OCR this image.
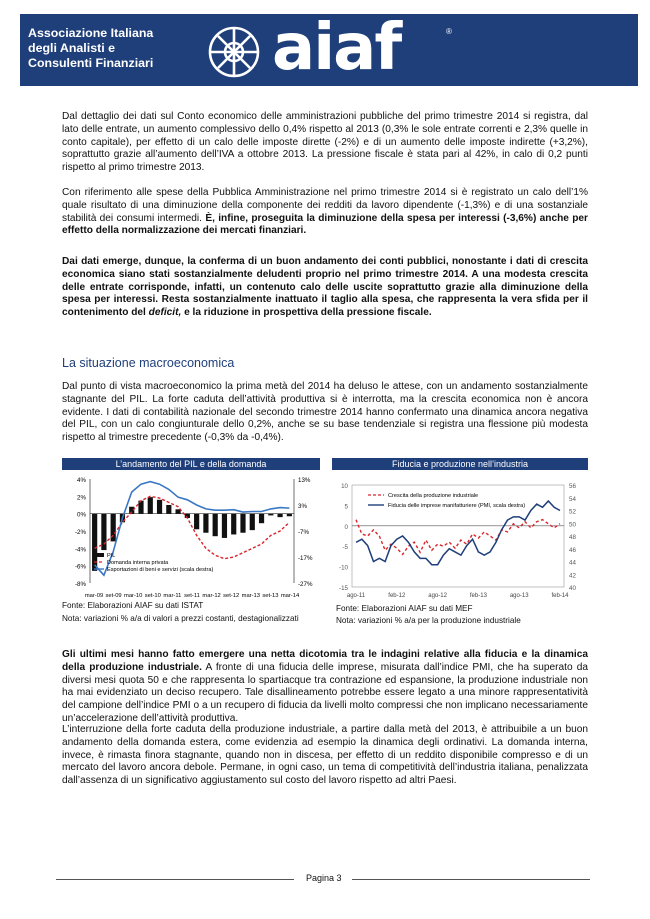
Associazione Italiana
degli Analisti e
Consulenti Finanziari aiaf	®

Dal dettaglio dei dati sul Conto economico delle amministrazioni pubbliche del primo trimestre 2014 si registra, dal lato delle entrate, un aumento complessivo dello 0,4% rispetto al 2013 (0,3% le sole entrate correnti e 2,3% quelle in conto capitale), per effetto di un calo delle imposte dirette (-2%) e di un aumento delle imposte indirette (+3,2%), soprattutto grazie all’aumento dell’IVA a ottobre 2013. La pressione fiscale è stata pari al 42%, in calo di 0,2 punti rispetto al primo trimestre 2013.

Con riferimento alle spese della Pubblica Amministrazione nel primo trimestre 2014 si è registrato un calo dell’1% quale risultato di una diminuzione della componente dei redditi da lavoro dipendente (-1,3%) e di una sostanziale stabilità dei consumi intermedi. È, infine, proseguita la diminuzione della spesa per interessi (-3,6%) anche per effetto della normalizzazione dei mercati finanziari.

Dai dati emerge, dunque, la conferma di un buon andamento dei conti pubblici, nonostante i dati di crescita economica siano stati sostanzialmente deludenti proprio nel primo trimestre 2014. A una modesta crescita delle entrate corrisponde, infatti, un contenuto calo delle uscite soprattutto grazie alla diminuzione della spesa per interessi. Resta sostanzialmente inattuato il taglio alla spesa, che rappresenta la vera sfida per il contenimento del deficit, e la riduzione in prospettiva della pressione fiscale.

La situazione macroeconomica

Dal punto di vista macroeconomico la prima metà del 2014 ha deluso le attese, con un andamento sostanzialmente stagnante del PIL. La forte caduta dell’attività produttiva si è interrotta, ma la crescita economica non è ancora evidente. I dati di contabilità nazionale del secondo trimestre 2014 hanno confermato una dinamica ancora negativa del PIL, con un calo congiunturale dello 0,2%, anche se su base tendenziale si registra una flessione più modesta rispetto al trimestre precedente (-0,3% da -0,4%).

L’andamento del PIL e della domanda
4%
2%
0%
-2%
-4%
-6%
-8%
13%
3%
-7%
-17%
-27%
mar-09 set-09 mar-10 set-10 mar-11 set-11 mar-12 set-12 mar-13 set-13 mar-14
PIL
Domanda interna privata
Esportazioni di beni e servizi (scala destra)
Fonte: Elaborazioni AIAF su dati ISTAT
Nota: variazioni % a/a di valori a prezzi costanti, destagionalizzati
Fiducia e produzione nell’industria
10
5
0
-5
-10
-15
56
54
52
50
48
46
44
42
40
ago-11	feb-12	ago-12	feb-13	ago-13	feb-14
Crescita della produzione industriale
Fiducia delle imprese manifatturiere (PMI, scala destra)
Fonte: Elaborazioni AIAF su dati MEF
Nota: variazioni % a/a per la produzione industriale

Gli ultimi mesi hanno fatto emergere una netta dicotomia tra le indagini relative alla fiducia e la dinamica della produzione industriale. A fronte di una fiducia delle imprese, misurata dall’indice PMI, che ha superato da diversi mesi quota 50 e che rappresenta lo spartiacque tra contrazione ed espansione, la produzione industriale non ha mai evidenziato un deciso recupero. Tale disallineamento potrebbe essere legato a una minore rappresentatività del campione dell’indice PMI o a un recupero di fiducia da livelli molto compressi che non implicano necessariamente un’accelerazione dell’attività produttiva.

L’interruzione della forte caduta della produzione industriale, a partire dalla metà del 2013, è attribuibile a un buon andamento della domanda estera, come evidenzia ad esempio la dinamica degli ordinativi. La domanda interna, invece, è rimasta finora stagnante, quando non in discesa, per effetto di un reddito disponibile compresso e di un mercato del lavoro ancora debole. Permane, in ogni caso, un tema di competitività dell’industria italiana, penalizzata dall’assenza di un significativo aggiustamento sul costo del lavoro rispetto ad altri Paesi.

Pagina 3
